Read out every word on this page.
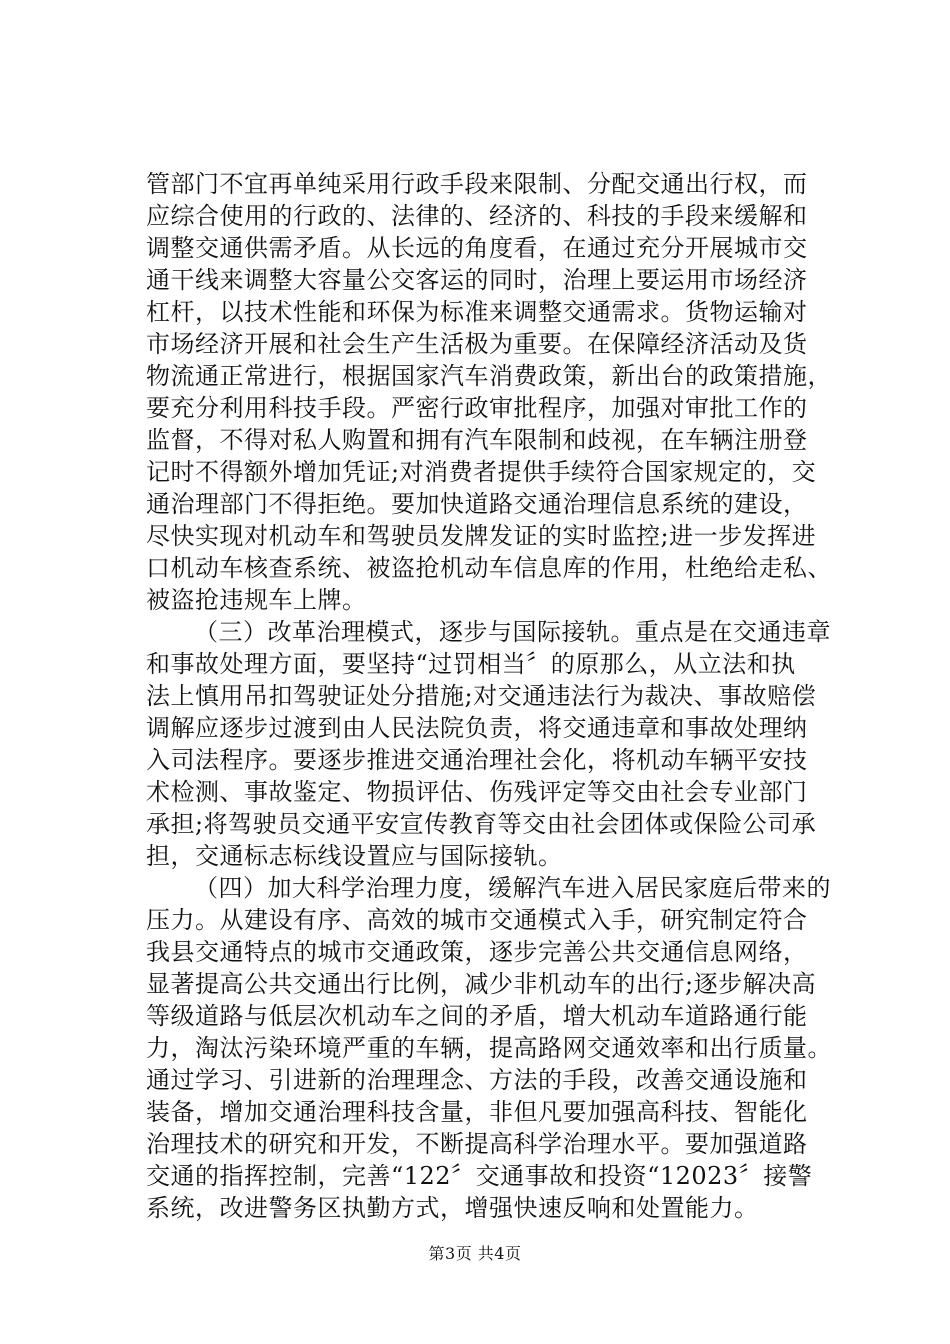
管部门不宜再单纯采用行政手段来限制、分配交通出行权，而
应综合使用的行政的、法律的、经济的、科技的手段来缓解和
调整交通供需矛盾。从长远的角度看，在通过充分开展城市交
通干线来调整大容量公交客运的同时，治理上要运用市场经济
杠杆，以技术性能和环保为标准来调整交通需求。货物运输对
市场经济开展和社会生产生活极为重要。在保障经济活动及货
物流通正常进行，根据国家汽车消费政策，新出台的政策措施，
要充分利用科技手段。严密行政审批程序，加强对审批工作的
监督，不得对私人购置和拥有汽车限制和歧视，在车辆注册登
记时不得额外增加凭证;对消费者提供手续符合国家规定的，交
通治理部门不得拒绝。要加快道路交通治理信息系统的建设，
尽快实现对机动车和驾驶员发牌发证的实时监控;进一步发挥进
口机动车核查系统、被盗抢机动车信息库的作用，杜绝给走私、
被盗抢违规车上牌。
（三）改革治理模式，逐步与国际接轨。重点是在交通违章
和事故处理方面，要坚持“过罚相当〞的原那么，从立法和执
法上慎用吊扣驾驶证处分措施;对交通违法行为裁决、事故赔偿
调解应逐步过渡到由人民法院负责，将交通违章和事故处理纳
入司法程序。要逐步推进交通治理社会化，将机动车辆平安技
术检测、事故鉴定、物损评估、伤残评定等交由社会专业部门
承担;将驾驶员交通平安宣传教育等交由社会团体或保险公司承
担，交通标志标线设置应与国际接轨。
（四）加大科学治理力度，缓解汽车进入居民家庭后带来的
压力。从建设有序、高效的城市交通模式入手，研究制定符合
我县交通特点的城市交通政策，逐步完善公共交通信息网络，
显著提高公共交通出行比例，减少非机动车的出行;逐步解决高
等级道路与低层次机动车之间的矛盾，增大机动车道路通行能
力，淘汰污染环境严重的车辆，提高路网交通效率和出行质量。
通过学习、引进新的治理理念、方法的手段，改善交通设施和
装备，增加交通治理科技含量，非但凡要加强高科技、智能化
治理技术的研究和开发，不断提高科学治理水平。要加强道路
交通的指挥控制，完善“122〞交通事故和投资“12023〞接警
系统，改进警务区执勤方式，增强快速反响和处置能力。
第3页 共4页
